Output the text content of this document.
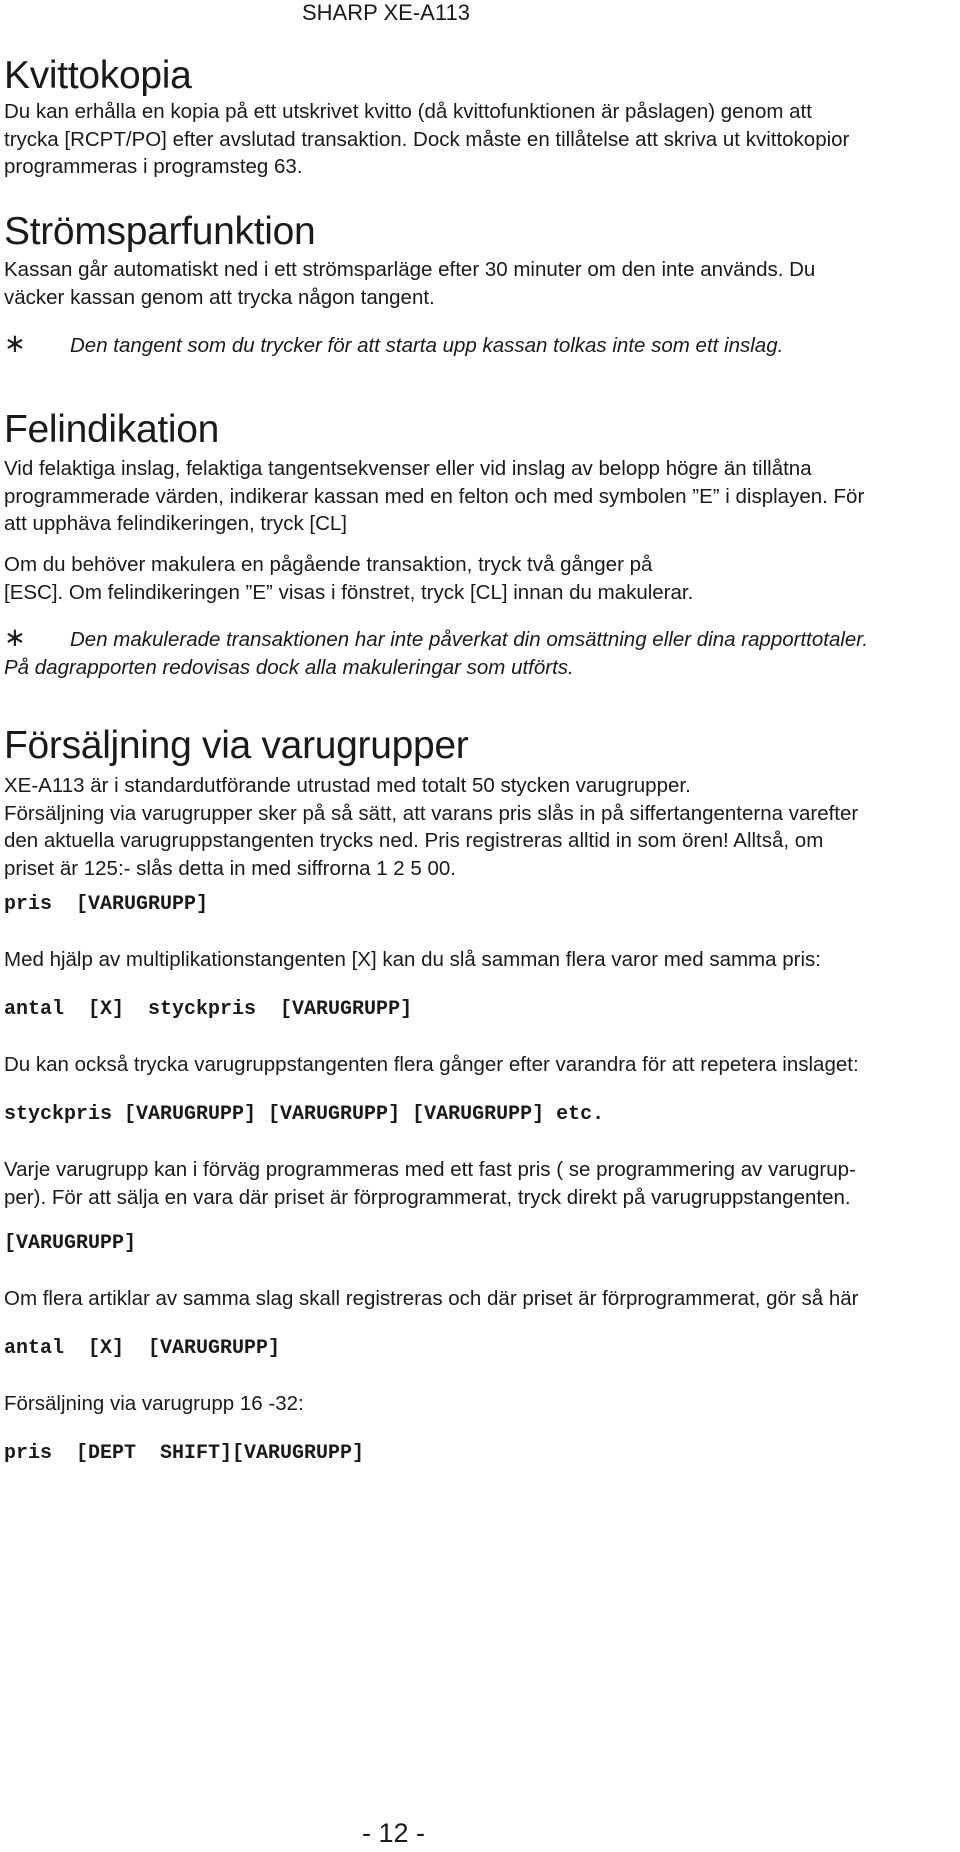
SHARP XE-A113
Kvittokopia
Du kan erhålla en kopia på ett utskrivet kvitto (då kvittofunktionen är påslagen) genom att
trycka [RCPT/PO] efter avslutad transaktion. Dock måste en tillåtelse att skriva ut kvittokopior
programmeras i programsteg 63.
Strömsparfunktion
Kassan går automatiskt ned i ett strömsparläge efter 30 minuter om den inte används. Du
väcker kassan genom att trycka någon tangent.
∗ Den tangent som du trycker för att starta upp kassan tolkas inte som ett inslag.
Felindikation
Vid felaktiga inslag, felaktiga tangentsekvenser eller vid inslag av belopp högre än tillåtna
programmerade värden, indikerar kassan med en felton och med symbolen ”E” i displayen. För
att upphäva felindikeringen, tryck [CL]
Om du behöver makulera en pågående transaktion, tryck två gånger på
[ESC]. Om felindikeringen ”E” visas i fönstret, tryck [CL] innan du makulerar.
∗ Den makulerade transaktionen har inte påverkat din omsättning eller dina rapporttotaler.
På dagrapporten redovisas dock alla makuleringar som utförts.
Försäljning via varugrupper
XE-A113 är i standardutförande utrustad med totalt 50 stycken varugrupper.
Försäljning via varugrupper sker på så sätt, att varans pris slås in på siffertangenterna varefter
den aktuella varugruppstangenten trycks ned. Pris registreras alltid in som ören! Alltså, om
priset är 125:- slås detta in med siffrorna 1 2 5 00.
pris  [VARUGRUPP]
Med hjälp av multiplikationstangenten [X] kan du slå samman flera varor med samma pris:
antal  [X]  styckpris  [VARUGRUPP]
Du kan också trycka varugruppstangenten flera gånger efter varandra för att repetera inslaget:
styckpris [VARUGRUPP] [VARUGRUPP] [VARUGRUPP] etc.
Varje varugrupp kan i förväg programmeras med ett fast pris ( se programmering av varugrup-
per). För att sälja en vara där priset är förprogrammerat, tryck direkt på varugruppstangenten.
[VARUGRUPP]
Om flera artiklar av samma slag skall registreras och där priset är förprogrammerat, gör så här
antal  [X]  [VARUGRUPP]
Försäljning via varugrupp 16 -32:
pris  [DEPT  SHIFT][VARUGRUPP]
- 12 -
